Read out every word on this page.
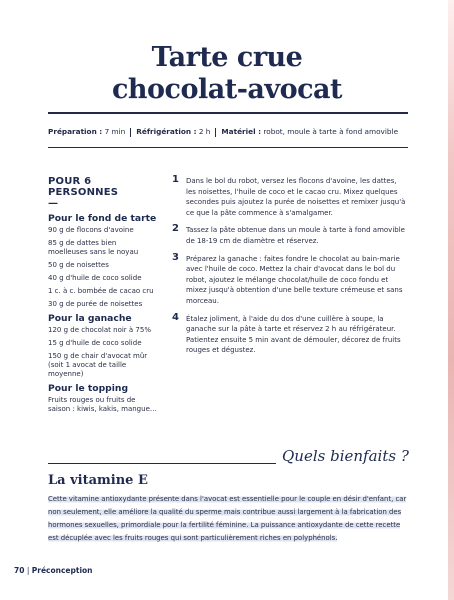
Tarte crue
chocolat-avocat
Préparation : 7 min Réfrigération : 2 h Matériel : robot, moule à tarte à fond amovible
POUR 6 PERSONNES
—
Pour le fond de tarte
90 g de flocons d'avoine
85 g de dattes bien moelleuses sans le noyau
50 g de noisettes
40 g d'huile de coco solide
1 c. à c. bombée de cacao cru
30 g de purée de noisettes
Pour la ganache
120 g de chocolat noir à 75%
15 g d'huile de coco solide
150 g de chair d'avocat mûr (soit 1 avocat de taille moyenne)
Pour le topping
Fruits rouges ou fruits de saison : kiwis, kakis, mangue…
1 Dans le bol du robot, versez les flocons d'avoine, les dattes, les noisettes, l'huile de coco et le cacao cru. Mixez quelques secondes puis ajoutez la purée de noisettes et remixer jusqu'à ce que la pâte commence à s'amalgamer.
2 Tassez la pâte obtenue dans un moule à tarte à fond amovible de 18-19 cm de diamètre et réservez.
3 Préparez la ganache : faites fondre le chocolat au bain-marie avec l'huile de coco. Mettez la chair d'avocat dans le bol du robot, ajoutez le mélange chocolat/huile de coco fondu et mixez jusqu'à obtention d'une belle texture crémeuse et sans morceau.
4 Étalez joliment, à l'aide du dos d'une cuillère à soupe, la ganache sur la pâte à tarte et réservez 2 h au réfrigérateur. Patientez ensuite 5 min avant de démouler, décorez de fruits rouges et dégustez.
Quels bienfaits ?
La vitamine E
Cette vitamine antioxydante présente dans l'avocat est essentielle pour le couple en désir d'enfant, car non seulement, elle améliore la qualité du sperme mais contribue aussi largement à la fabrication des hormones sexuelles, primordiale pour la fertilité féminine. La puissance antioxydante de cette recette est décuplée avec les fruits rouges qui sont particulièrement riches en polyphénols.
70 | Préconception
